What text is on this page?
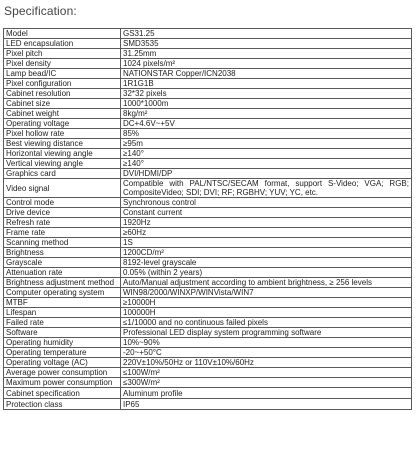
Specification:
Model	GS31.25
LED encapsulation	SMD3535
Pixel pitch	31.25mm
Pixel density	1024 pixels/m²
Lamp bead/IC	NATIONSTAR Copper/ICN2038
Pixel configuration	1R1G1B
Cabinet resolution	32*32 pixels
Cabinet size	1000*1000m
Cabinet weight	8kg/m²
Operating voltage	DC+4.6V~+5V
Pixel hollow rate	85%
Best viewing distance	≥95m
Horizontal viewing angle	≥140°
Vertical viewing angle	≥140°
Graphics card	DVI/HDMI/DP
Video signal	Compatible with PAL/NTSC/SECAM format, support S-Video; VGA; RGB; CompositeVideo; SDI; DVI; RF; RGBHV; YUV; YC, etc.
Control mode	Synchronous control
Drive device	Constant current
Refresh rate	1920Hz
Frame rate	≥60Hz
Scanning method	1S
Brightness	1200CD/m²
Grayscale	8192-level grayscale
Attenuation rate	0.05% (within 2 years)
Brightness adjustment method	Auto/Manual adjustment according to ambient brightness, ≥ 256 levels
Computer operating system	WIN98/2000/WINXP/WINVista/WIN7
MTBF	≥10000H
Lifespan	100000H
Failed rate	≤1/10000 and no continuous failed pixels
Software	Professional LED display system programming software
Operating humidity	10%~90%
Operating temperature	-20~+50°C
Operating voltage (AC)	220V±10%/50Hz or 110V±10%/60Hz
Average power consumption	≤100W/m²
Maximum power consumption	≤300W/m²
Cabinet specification	Aluminum profile
Protection class	IP65
